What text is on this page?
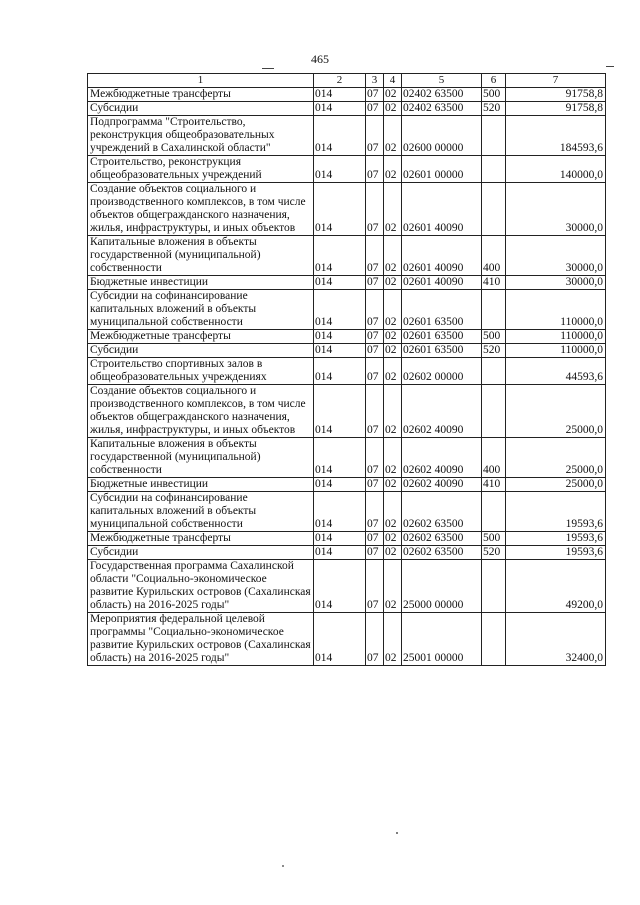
465
1	2	3	4	5	6	7
Межбюджетные трансферты	014	07	02	02402 63500	500	91758,8
Субсидии	014	07	02	02402 63500	520	91758,8
Подпрограмма "Строительство, реконструкция общеобразовательных учреждений в Сахалинской области"	014	07	02	02600 00000		184593,6
Строительство, реконструкция общеобразовательных учреждений	014	07	02	02601 00000		140000,0
Создание объектов социального и производственного комплексов, в том числе объектов общегражданского назначения, жилья, инфраструктуры, и иных объектов	014	07	02	02601 40090		30000,0
Капитальные вложения в объекты государственной (муниципальной) собственности	014	07	02	02601 40090	400	30000,0
Бюджетные инвестиции	014	07	02	02601 40090	410	30000,0
Субсидии на софинансирование капитальных вложений в объекты муниципальной собственности	014	07	02	02601 63500		110000,0
Межбюджетные трансферты	014	07	02	02601 63500	500	110000,0
Субсидии	014	07	02	02601 63500	520	110000,0
Строительство спортивных залов в общеобразовательных учреждениях	014	07	02	02602 00000		44593,6
Создание объектов социального и производственного комплексов, в том числе объектов общегражданского назначения, жилья, инфраструктуры, и иных объектов	014	07	02	02602 40090		25000,0
Капитальные вложения в объекты государственной (муниципальной) собственности	014	07	02	02602 40090	400	25000,0
Бюджетные инвестиции	014	07	02	02602 40090	410	25000,0
Субсидии на софинансирование капитальных вложений в объекты муниципальной собственности	014	07	02	02602 63500		19593,6
Межбюджетные трансферты	014	07	02	02602 63500	500	19593,6
Субсидии	014	07	02	02602 63500	520	19593,6
Государственная программа Сахалинской области "Социально-экономическое развитие Курильских островов (Сахалинская область) на 2016-2025 годы"	014	07	02	25000 00000		49200,0
Мероприятия федеральной целевой программы "Социально-экономическое развитие Курильских островов (Сахалинская область) на 2016-2025 годы"	014	07	02	25001 00000		32400,0
